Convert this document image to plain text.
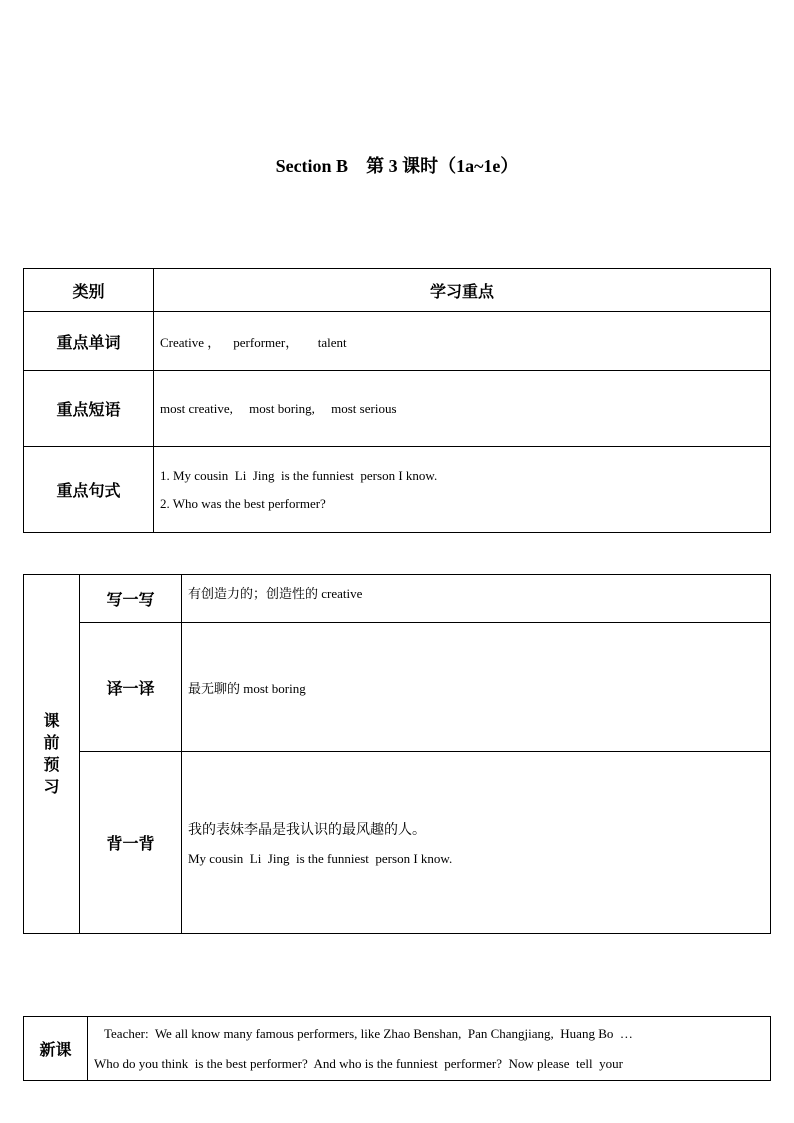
Section B　第 3 课时（1a~1e）
类别	学习重点
重点单词	Creative ，    performer，      talent

重点短语	most creative,     most boring,     most serious

重点句式	1. My cousin  Li  Jing  is the funniest  person I know.
2. Who was the best performer?
课
前
预
习	写一写	有创造力的；创造性的 creative
	译一译	最无聊的 most boring
	背一背	我的表妹李晶是我认识的最风趣的人。
My cousin  Li  Jing  is the funniest  person I know.
新课	
Teacher:  We all know many famous performers, like Zhao Benshan,  Pan Changjiang,  Huang Bo  …
Who do you think  is the best performer?  And who is the funniest  performer?  Now please  tell  your
